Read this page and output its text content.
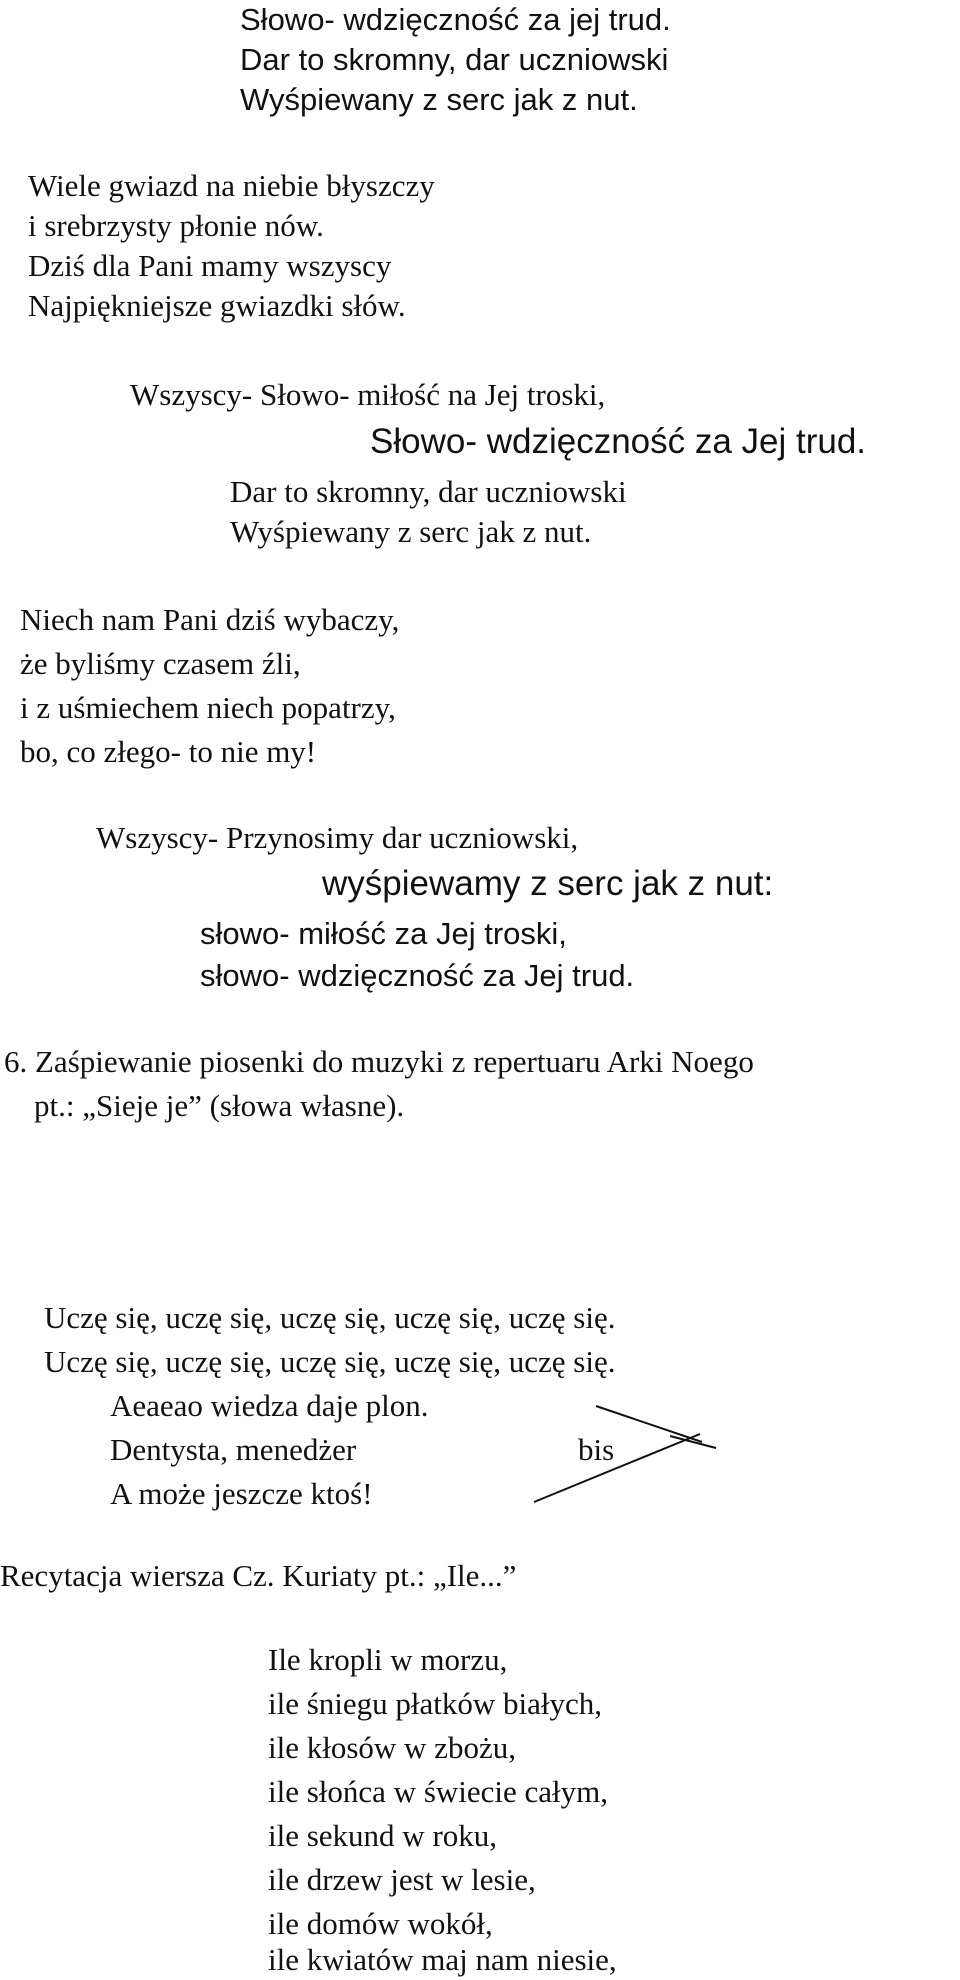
Słowo- wdzięczność za jej trud.

Dar to skromny, dar uczniowski

Wyśpiewany z serc jak z nut.

Wiele gwiazd na niebie błyszczy

i srebrzysty płonie nów.

Dziś dla Pani mamy wszyscy

Najpiękniejsze gwiazdki słów.

Wszyscy- Słowo- miłość na Jej troski,

Słowo- wdzięczność za Jej trud.

Dar to skromny, dar uczniowski

Wyśpiewany z serc jak z nut.

Niech nam Pani dziś wybaczy,

że byliśmy czasem źli,

i z uśmiechem niech popatrzy,

bo, co złego- to nie my!

Wszyscy- Przynosimy dar uczniowski,

wyśpiewamy z serc jak z nut:

słowo- miłość za Jej troski,

słowo- wdzięczność za Jej trud.

6. Zaśpiewanie piosenki do muzyki z repertuaru Arki Noego

pt.: „Sieje je” (słowa własne).

Uczę się, uczę się, uczę się, uczę się, uczę się.

Uczę się, uczę się, uczę się, uczę się, uczę się.

Aeaeao wiedza daje plon.

Dentysta, menedżer

A może jeszcze ktoś!

bis

Recytacja wiersza Cz. Kuriaty pt.: „Ile...”

Ile kropli w morzu,

ile śniegu płatków białych,

ile kłosów w zbożu,

ile słońca w świecie całym,

ile sekund w roku,

ile drzew jest w lesie,

ile domów wokół,

ile kwiatów maj nam niesie,
